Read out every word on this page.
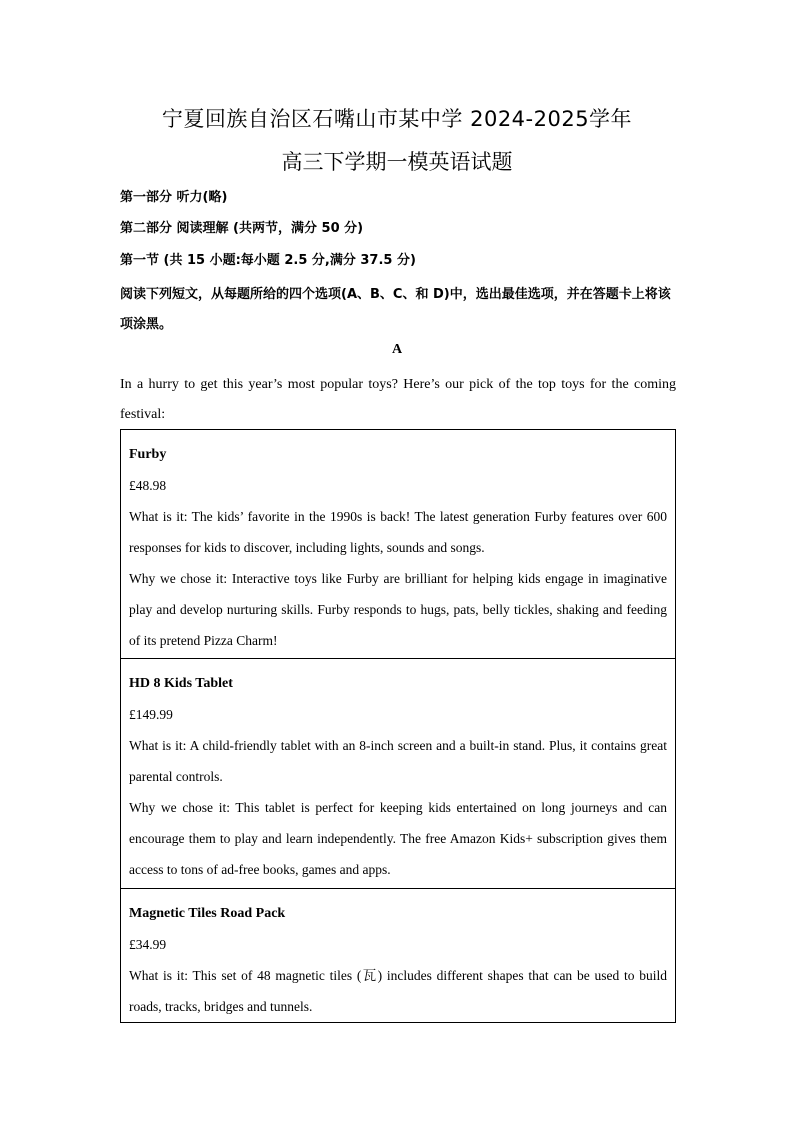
宁夏回族自治区石嘴山市某中学 2024-2025学年
高三下学期一模英语试题
第一部分 听力(略)
第二部分 阅读理解 (共两节，满分 50 分)
第一节 (共 15 小题:每小题 2.5 分,满分 37.5 分)
阅读下列短文，从每题所给的四个选项(A、B、C、和 D)中，选出最佳选项，并在答题卡上将该项涂黑。
A
In a hurry to get this year’s most popular toys? Here’s our pick of the top toys for the coming festival:

Furby

£48.98

What is it: The kids’ favorite in the 1990s is back! The latest generation Furby features over 600 responses for kids to discover, including lights, sounds and songs.

Why we chose it: Interactive toys like Furby are brilliant for helping kids engage in imaginative play and develop nurturing skills. Furby responds to hugs, pats, belly tickles, shaking and feeding of its pretend Pizza Charm!

HD 8 Kids Tablet

£149.99

What is it: A child-friendly tablet with an 8-inch screen and a built-in stand. Plus, it contains great parental controls.

Why we chose it: This tablet is perfect for keeping kids entertained on long journeys and can encourage them to play and learn independently. The free Amazon Kids+ subscription gives them access to tons of ad-free books, games and apps.

Magnetic Tiles Road Pack

£34.99

What is it: This set of 48 magnetic tiles (瓦) includes different shapes that can be used to build roads, tracks, bridges and tunnels.
